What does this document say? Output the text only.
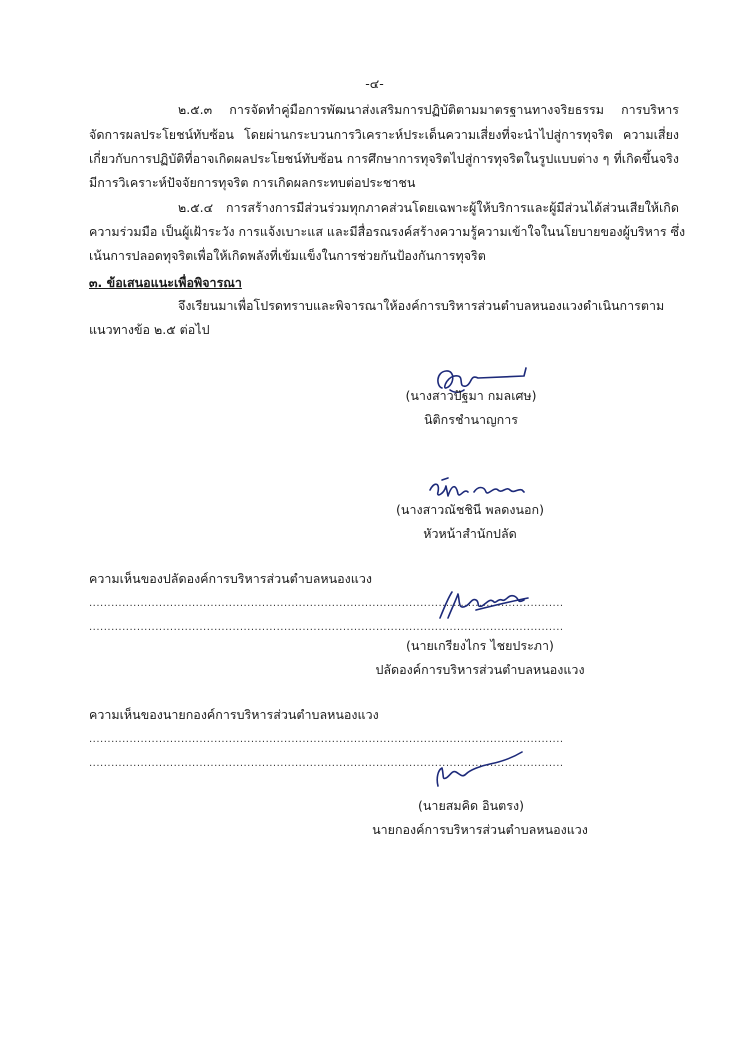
-๔-
๒.๕.๓ การจัดทำคู่มือการพัฒนาส่งเสริมการปฏิบัติตามมาตรฐานทางจริยธรรม การบริหาร
จัดการผลประโยชน์ทับซ้อน โดยผ่านกระบวนการวิเคราะห์ประเด็นความเสี่ยงที่จะนำไปสู่การทุจริต ความเสี่ยง
เกี่ยวกับการปฏิบัติที่อาจเกิดผลประโยชน์ทับซ้อน การศึกษาการทุจริตไปสู่การทุจริตในรูปแบบต่าง ๆ ที่เกิดขึ้นจริง
มีการวิเคราะห์ปัจจัยการทุจริต การเกิดผลกระทบต่อประชาชน
๒.๕.๔ การสร้างการมีส่วนร่วมทุกภาคส่วนโดยเฉพาะผู้ให้บริการและผู้มีส่วนได้ส่วนเสียให้เกิด
ความร่วมมือ เป็นผู้เฝ้าระวัง การแจ้งเบาะแส และมีสื่อรณรงค์สร้างความรู้ความเข้าใจในนโยบายของผู้บริหาร ซึ่ง
เน้นการปลอดทุจริตเพื่อให้เกิดพลังที่เข้มแข็งในการช่วยกันป้องกันการทุจริต
๓. ข้อเสนอแนะเพื่อพิจารณา
จึงเรียนมาเพื่อโปรดทราบและพิจารณาให้องค์การบริหารส่วนตำบลหนองแวงดำเนินการตาม
แนวทางข้อ ๒.๕ ต่อไป
(นางสาวปัฐมา กมลเศษ)
นิติกรชำนาญการ
(นางสาวณัชชินี พลดงนอก)
หัวหน้าสำนักปลัด
ความเห็นของปลัดองค์การบริหารส่วนตำบลหนองแวง
.................................................................................................................................
.................................................................................................................................
(นายเกรียงไกร ไชยประภา)
ปลัดองค์การบริหารส่วนตำบลหนองแวง
ความเห็นของนายกองค์การบริหารส่วนตำบลหนองแวง
.................................................................................................................................
.................................................................................................................................
(นายสมคิด อินตรง)
นายกองค์การบริหารส่วนตำบลหนองแวง
